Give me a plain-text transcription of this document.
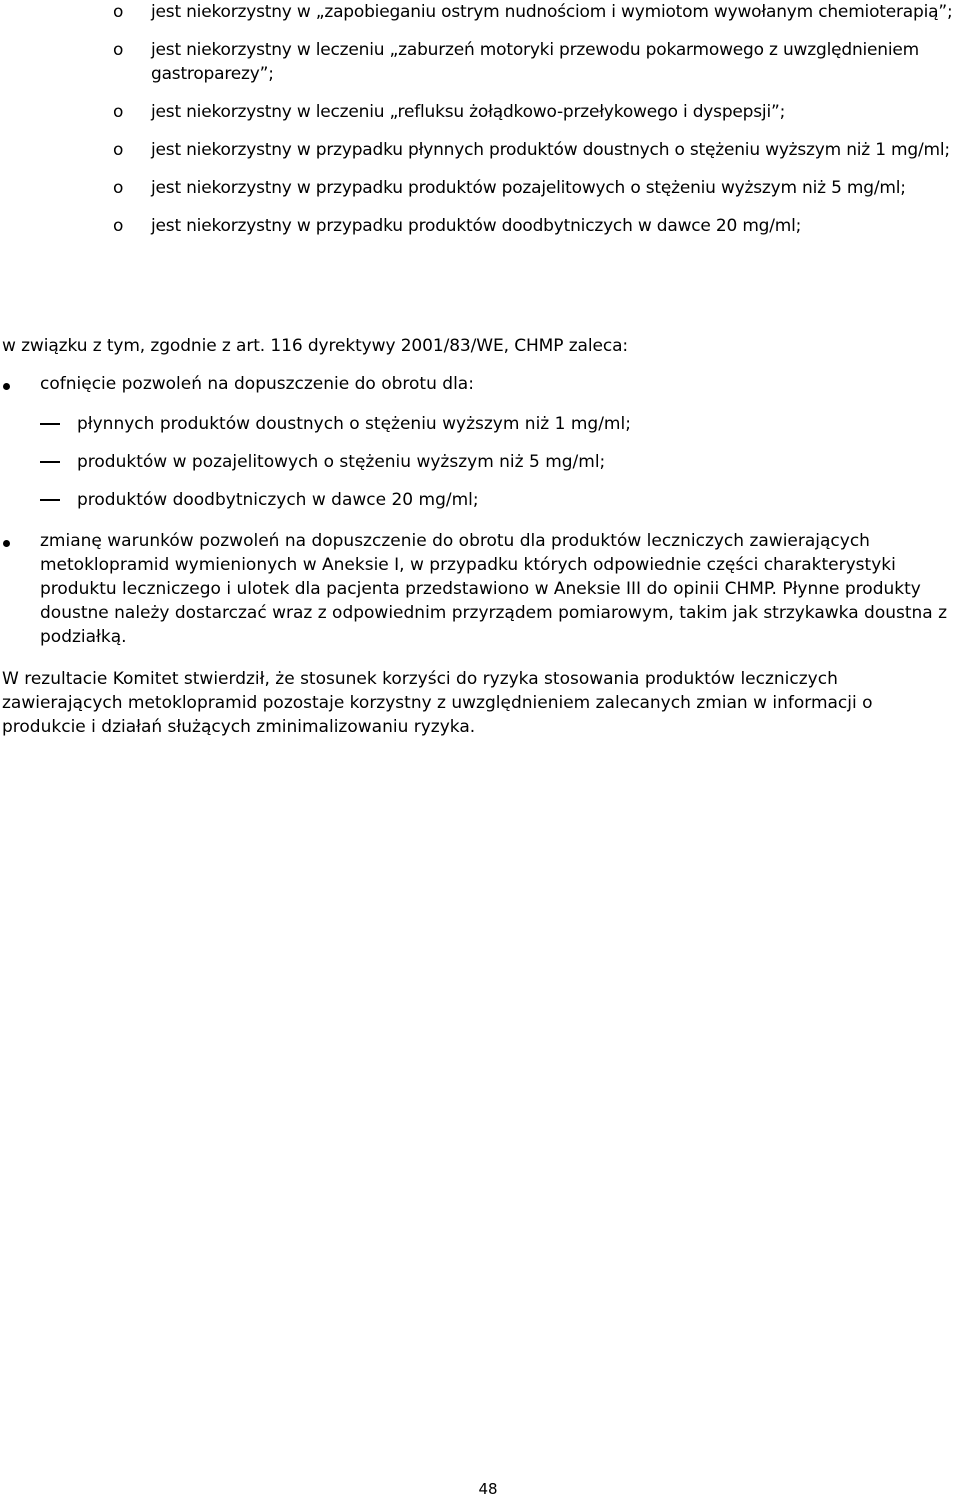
o jest niekorzystny w „zapobieganiu ostrym nudnościom i wymiotom wywołanym chemioterapią”;
o jest niekorzystny w leczeniu „zaburzeń motoryki przewodu pokarmowego z uwzględnieniem gastroparezy”;
o jest niekorzystny w leczeniu „refluksu żołądkowo-przełykowego i dyspepsji”;
o jest niekorzystny w przypadku płynnych produktów doustnych o stężeniu wyższym niż 1 mg/ml;
o jest niekorzystny w przypadku produktów pozajelitowych o stężeniu wyższym niż 5 mg/ml;
o jest niekorzystny w przypadku produktów doodbytniczych w dawce 20 mg/ml;

w związku z tym, zgodnie z art. 116 dyrektywy 2001/83/WE, CHMP zaleca:

cofnięcie pozwoleń na dopuszczenie do obrotu dla:
płynnych produktów doustnych o stężeniu wyższym niż 1 mg/ml;
produktów w pozajelitowych o stężeniu wyższym niż 5 mg/ml;
produktów doodbytniczych w dawce 20 mg/ml;
zmianę warunków pozwoleń na dopuszczenie do obrotu dla produktów leczniczych zawierających metoklopramid wymienionych w Aneksie I, w przypadku których odpowiednie części charakterystyki produktu leczniczego i ulotek dla pacjenta przedstawiono w Aneksie III do opinii CHMP. Płynne produkty doustne należy dostarczać wraz z odpowiednim przyrządem pomiarowym, takim jak strzykawka doustna z podziałką.

W rezultacie Komitet stwierdził, że stosunek korzyści do ryzyka stosowania produktów leczniczych zawierających metoklopramid pozostaje korzystny z uwzględnieniem zalecanych zmian w informacji o produkcie i działań służących zminimalizowaniu ryzyka.

48
